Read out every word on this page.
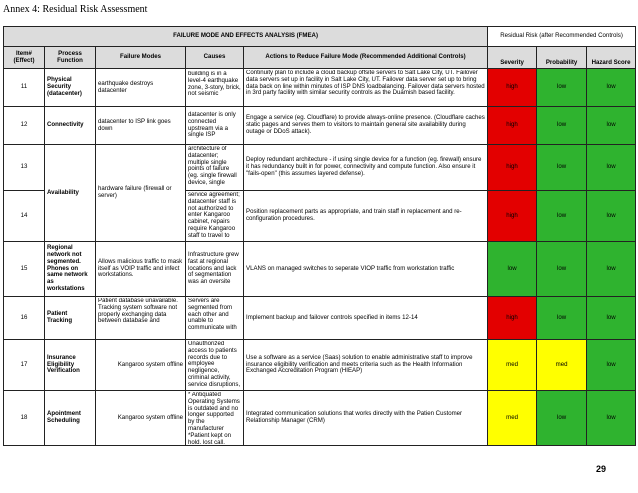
Annex 4: Residual Risk Assessment
FAILURE MODE AND EFFECTS ANALYSIS (FMEA)					Residual Risk (after Recommended Controls)		
Item# (Effect)	Process Function	Failure Modes	Causes	Actions to Reduce Failure Mode (Recommended Additional Controls)	Severity	Probability	Hazard Score
11	Physical Security (datacenter)	earthquake destroys datacenter	building is in a level-4 earthquake zone, 3-story, brick, not seismic	Continuity plan to include a cloud backup offsite servers to Salt Lake City, UT. Failover data servers set up in facility in Salt Lake City, UT. Failover data server set up to bring data back on line within minutes of ISP DNS loadbalancing. Failover data servers hosted in 3rd party facility with similar security controls as the Duamish based facility.	high	low	low
12	Connectivity	datacenter to ISP link goes down	datacenter is only connected upstream via a single ISP	Engage a service (eg. Cloudflare) to provide always-online presence. (Cloudflare caches static pages and serves them to visitors to maintain general site availability during outage or DDoS attack).	high	low	low
13	Availability	hardware failure (firewall or server)	architecture of datacenter; multiple single points of failure (eg. single firewall device, single	Deploy redundant architecture - if using single device for a function (eg. firewall) ensure it has redundancy built in for power, connectivity and compute function. Also ensure it "fails-open" (this assumes layered defense).	high	low	low
14			service agreement; datacenter staff is not authorized to enter Kangaroo cabinet, repairs require Kangaroo staff to travel to	Position replacement parts as appropriate, and train staff in replacement and re-configuration procedures.	high	low	low
15	Regional network not segmented. Phones on same network as workstations	Allows malicious traffic to mask itself as VOIP traffic and infect workstations.	Infrastructure grew fast at regional locations and lack of segmentation was an oversite	VLANS on managed switches to seperate VIOP traffic from workstation traffic	low	low	low
16	Patient Tracking	Patient database unavailable. Tracking system software not properly exchanging data between database and	Servers are segmented from each other and unable to communicate with	Implement backup and failover controls specified in items 12-14	high	low	low
17	Insurance Eligibility Verification	Kangaroo system offline	Unauthorized access to patients records due to employee negligence, criminal activity, service disruptions,	Use a software as a service (Saas) solution to enable administrative staff to improve insurance eligibility verification and meets criteria such as the Health Information Exchanged Accreditation Program (HIEAP)	med	med	low
18	Apointment Scheduling	Kangaroo system offline	* Antiquated Operating Systems is outdated and no longer supported by the manufacturer *Patient kept on hold, lost call,	Integrated communication solutions that works directly with the Patien Customer Relationship Manager (CRM)	med	low	low
29
